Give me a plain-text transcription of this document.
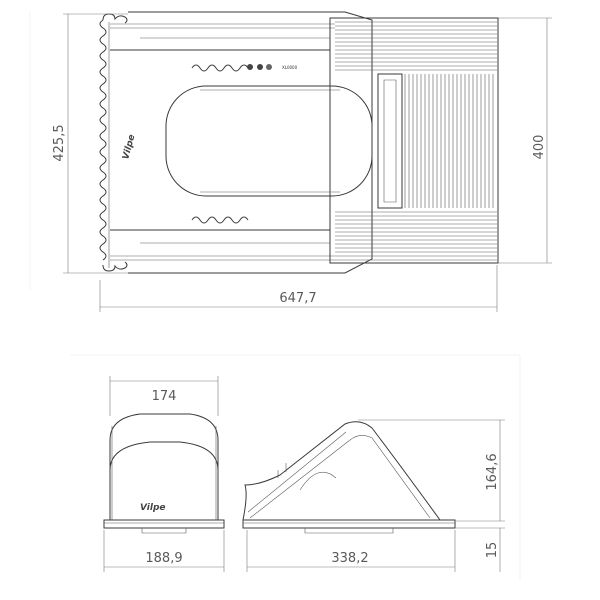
XL0000
Vilpe
647,7
425,5	400
Vilpe
174
188,9	338,2
164,6
15
